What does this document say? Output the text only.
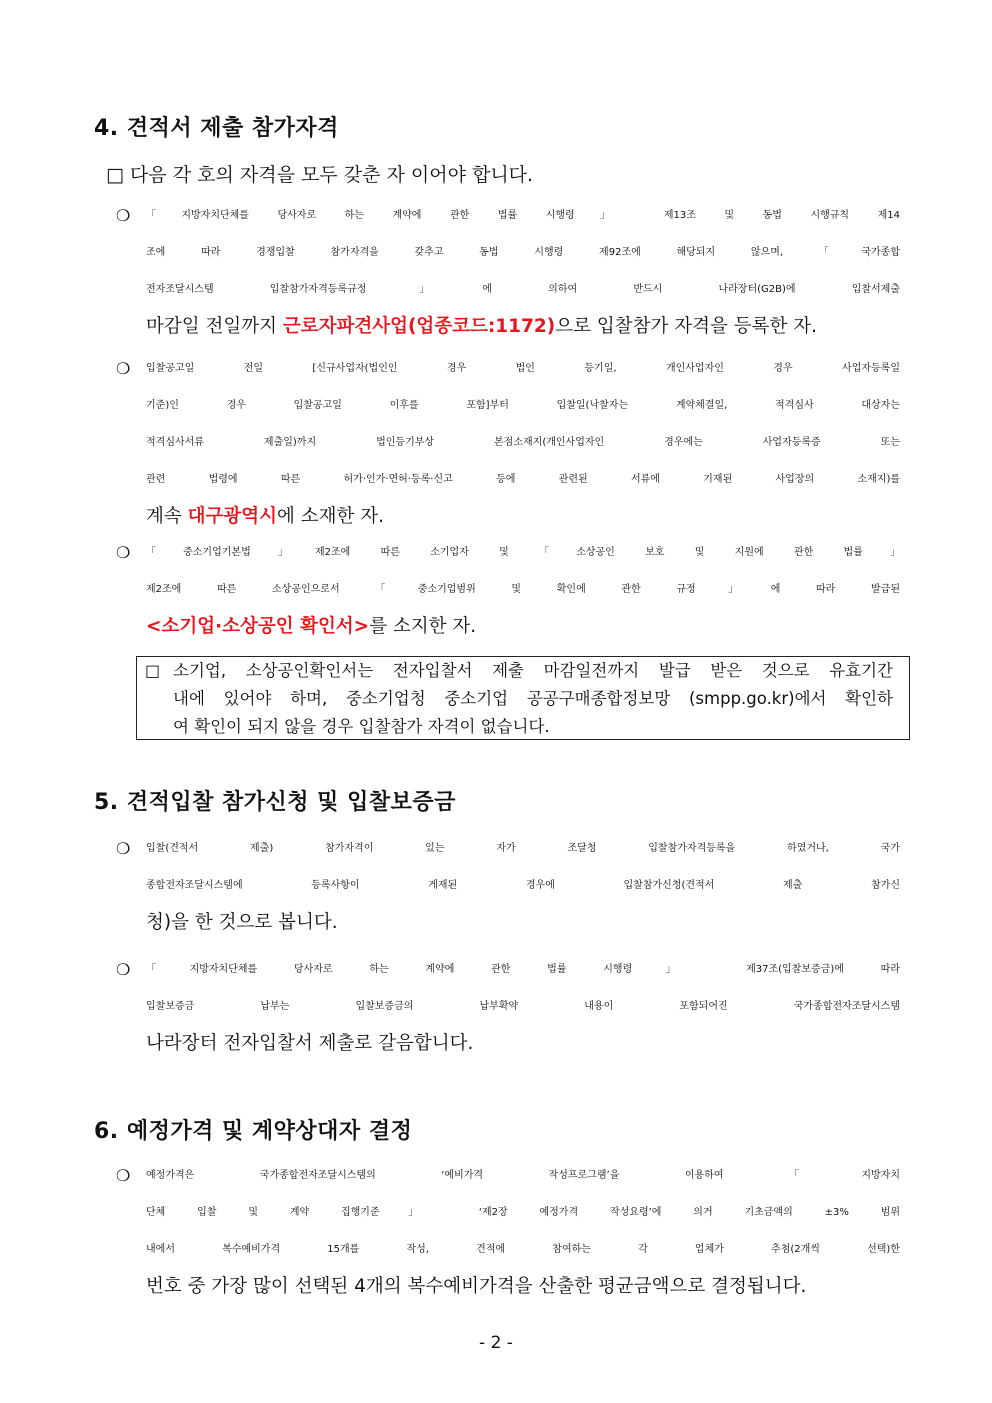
4. 견적서 제출 참가자격
□ 다음 각 호의 자격을 모두 갖춘 자 이어야 합니다.
❍ 「지방자치단체를 당사자로 하는 계약에 관한 법률 시행령」 제13조 및 동법 시행규칙 제14
조에 따라 경쟁입찰 참가자격을 갖추고 동법 시행령 제92조에 해당되지 않으며, 「국가종합
전자조달시스템 입찰참가자격등록규정」에 의하여 반드시 나라장터(G2B)에 입찰서제출
마감일 전일까지 근로자파견사업(업종코드:1172)으로 입찰참가 자격을 등록한 자.
❍ 입찰공고일 전일 [신규사업자(법인인 경우 법인 등기일, 개인사업자인 경우 사업자등록일
기준)인 경우 입찰공고일 이후를 포함]부터 입찰일(낙찰자는 계약체결일, 적격심사 대상자는
적격심사서류 제출일)까지 법인등기부상 본점소재지(개인사업자인 경우에는 사업자등록증 또는
관련 법령에 따른 허가·인가·면허·등록·신고 등에 관련된 서류에 기재된 사업장의 소재지)를
계속 대구광역시에 소재한 자.
❍ 「중소기업기본법」제2조에 따른 소기업자 및 「소상공인 보호 및 지원에 관한 법률」
제2조에 따른 소상공인으로서 「중소기업범위 및 확인에 관한 규정」에 따라 발급된
<소기업·소상공인 확인서>를 소지한 자.
□ 소기업, 소상공인확인서는 전자입찰서 제출 마감일전까지 발급 받은 것으로 유효기간
내에 있어야 하며, 중소기업청 중소기업 공공구매종합정보망 (smpp.go.kr)에서 확인하
여 확인이 되지 않을 경우 입찰참가 자격이 없습니다.
5. 견적입찰 참가신청 및 입찰보증금
❍ 입찰(견적서 제출) 참가자격이 있는 자가 조달청 입찰참가자격등록을 하였거나, 국가
종합전자조달시스템에 등록사항이 게재된 경우에 입찰참가신청(견적서 제출 참가신
청)을 한 것으로 봅니다.
❍ 「지방자치단체를 당사자로 하는 계약에 관한 법률 시행령」 제37조(입찰보증금)에 따라
입찰보증금 납부는 입찰보증금의 납부확약 내용이 포함되어진 국가종합전자조달시스템
나라장터 전자입찰서 제출로 갈음합니다.
6. 예정가격 및 계약상대자 결정
❍ 예정가격은 국가종합전자조달시스템의 ‘예비가격 작성프로그램’을 이용하여 「지방자치
단체 입찰 및 계약 집행기준」 ‘제2장 예정가격 작성요령’에 의거 기초금액의 ±3% 범위
내에서 복수예비가격 15개를 작성, 견적에 참여하는 각 업체가 추첨(2개씩 선택)한
번호 중 가장 많이 선택된 4개의 복수예비가격을 산출한 평균금액으로 결정됩니다.
- 2 -
